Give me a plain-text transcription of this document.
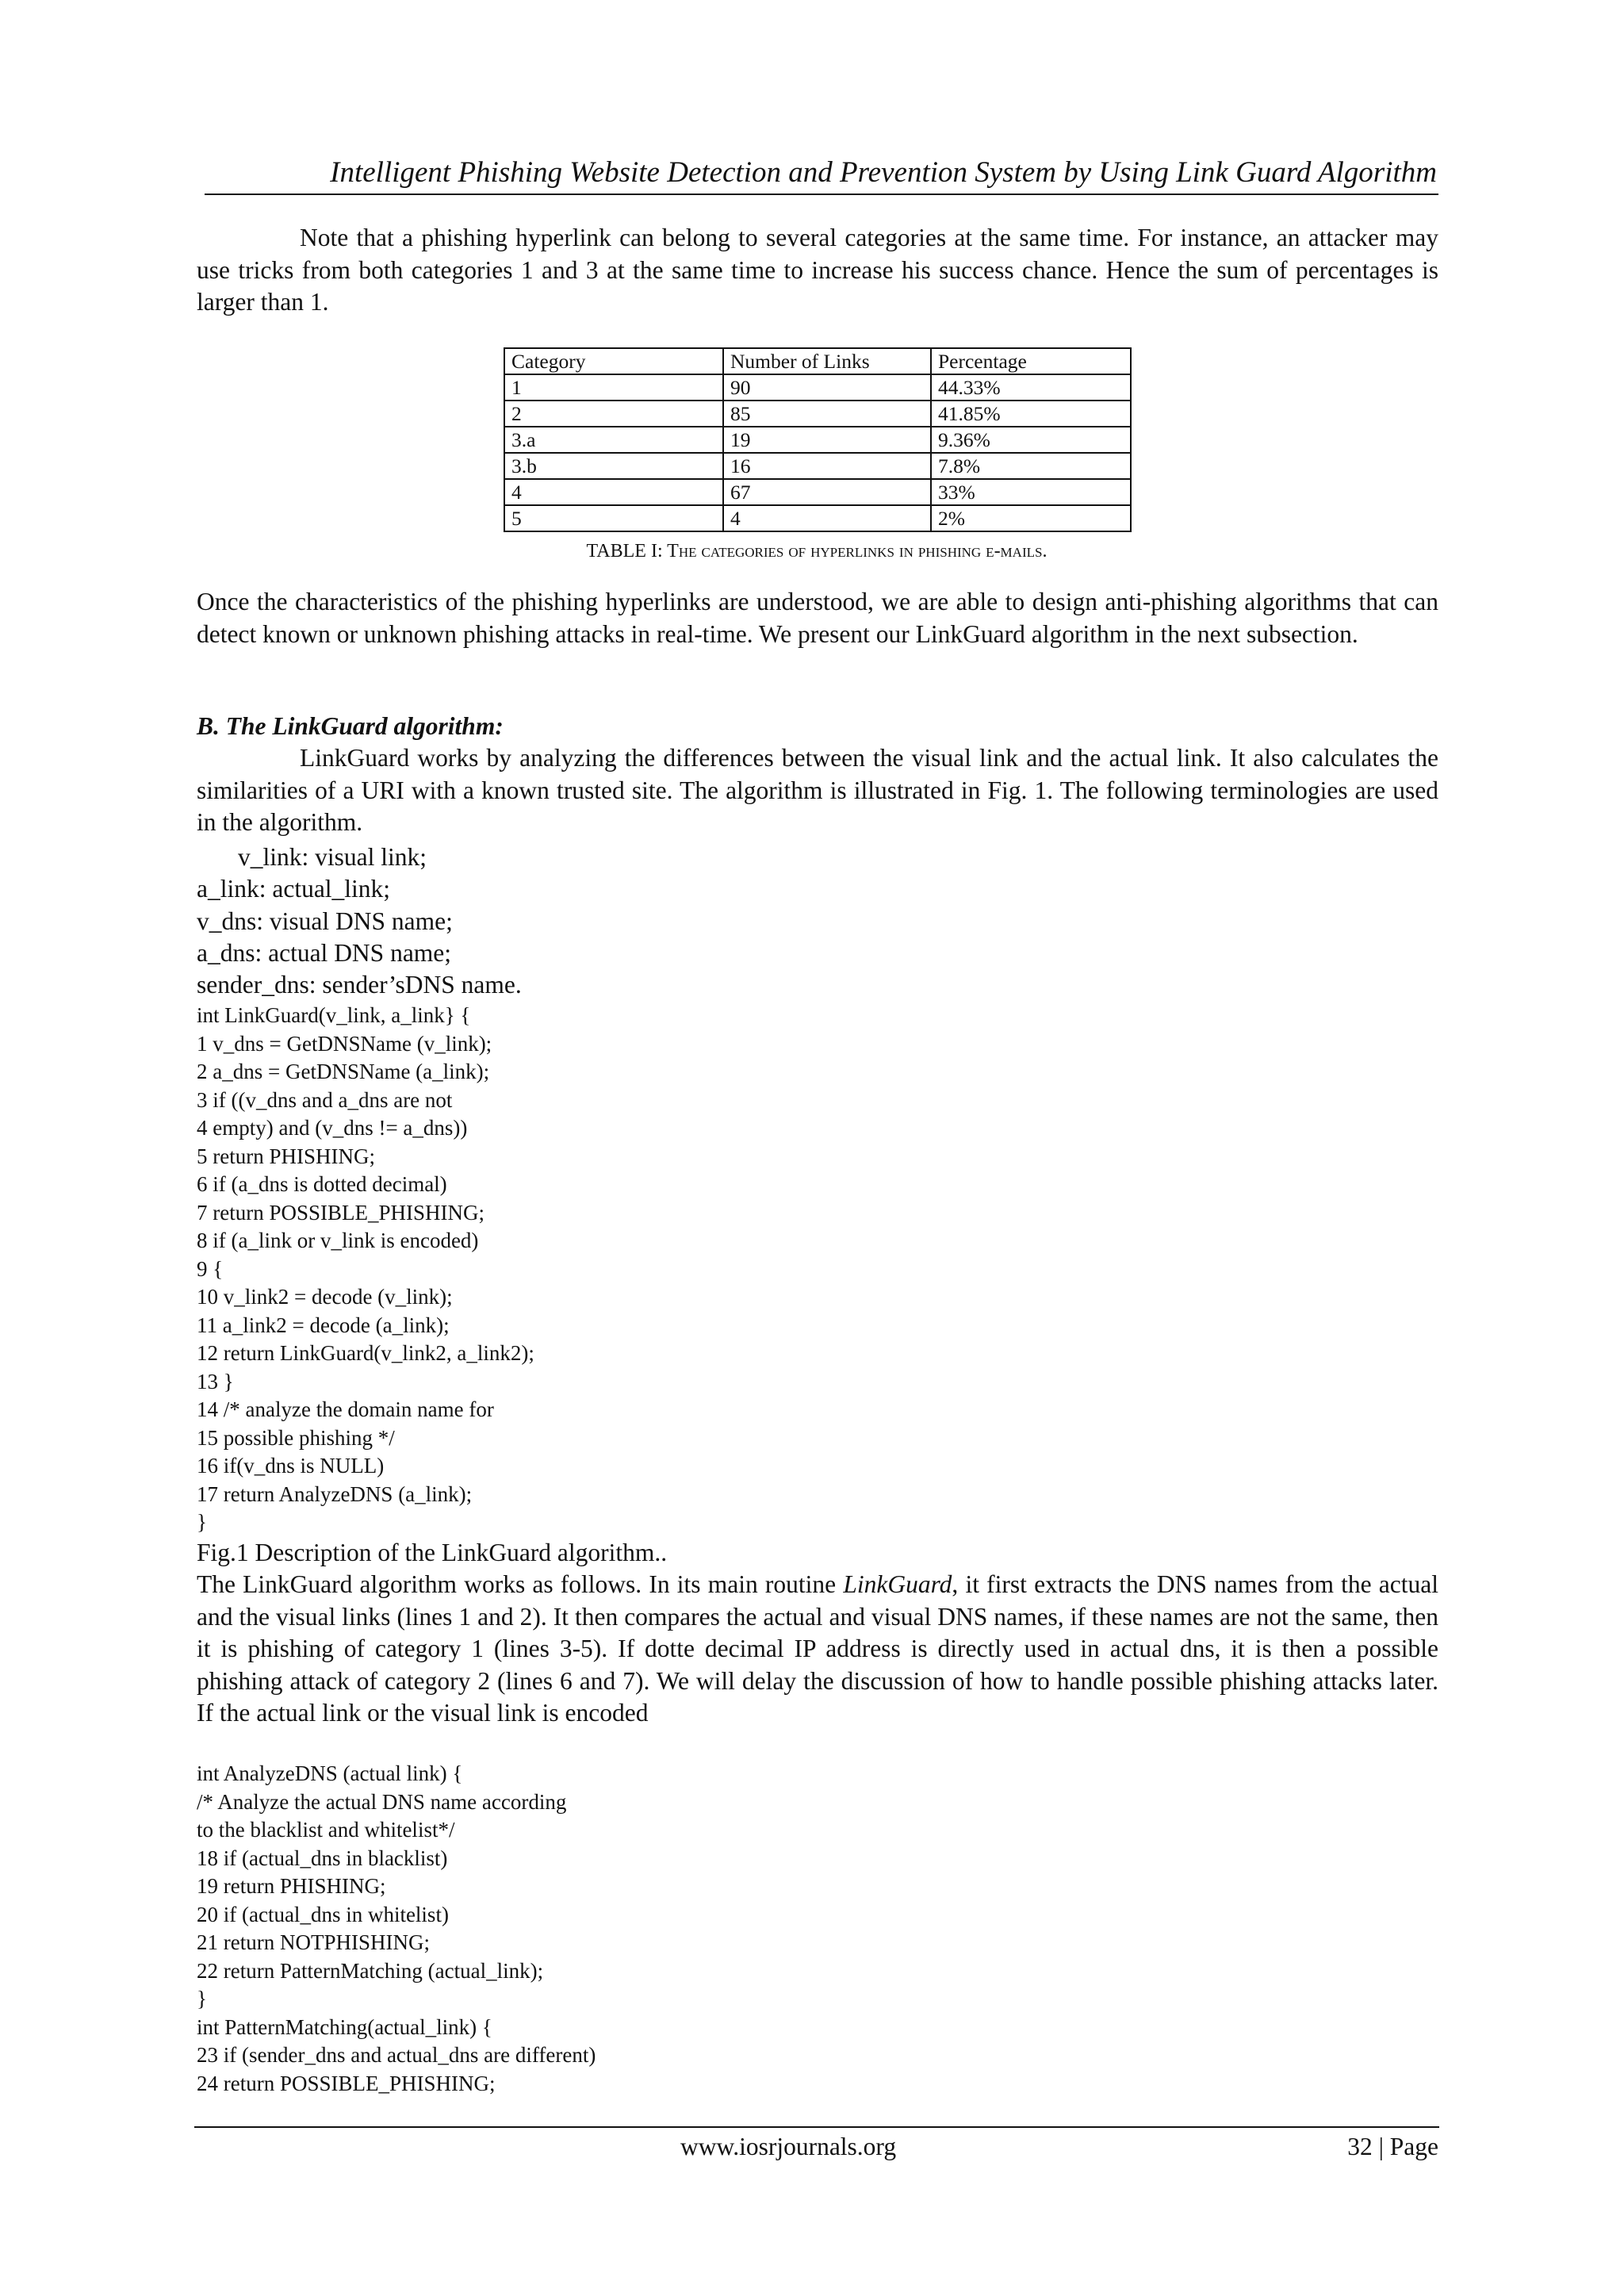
Intelligent Phishing Website Detection and Prevention System by Using Link Guard Algorithm
Note that a phishing hyperlink can belong to several categories at the same time. For instance, an attacker may use tricks from both categories 1 and 3 at the same time to increase his success chance. Hence the sum of percentages is larger than 1.
Category	Number of Links	Percentage
1	90	44.33%
2	85	41.85%
3.a	19	9.36%
3.b	16	7.8%
4	67	33%
5	4	2%
TABLE I: The categories of hyperlinks in phishing e-mails.
Once the characteristics of the phishing hyperlinks are understood, we are able to design anti-phishing algorithms that can detect known or unknown phishing attacks in real-time. We present our LinkGuard algorithm in the next subsection.
B. The LinkGuard algorithm:
LinkGuard works by analyzing the differences between the visual link and the actual link. It also calculates the similarities of a URI with a known trusted site. The algorithm is illustrated in Fig. 1. The following terminologies are used in the algorithm.
v_link: visual link;
a_link: actual_link;
v_dns: visual DNS name;
a_dns: actual DNS name;
sender_dns: sender’sDNS name.
int LinkGuard(v_link, a_link} {
1 v_dns = GetDNSName (v_link);
2 a_dns = GetDNSName (a_link);
3 if ((v_dns and a_dns are not
4 empty) and (v_dns != a_dns))
5 return PHISHING;
6 if (a_dns is dotted decimal)
7 return POSSIBLE_PHISHING;
8 if (a_link or v_link is encoded)
9 {
10 v_link2 = decode (v_link);
11 a_link2 = decode (a_link);
12 return LinkGuard(v_link2, a_link2);
13 }
14 /* analyze the domain name for
15 possible phishing */
16 if(v_dns is NULL)
17 return AnalyzeDNS (a_link);
}
Fig.1 Description of the LinkGuard algorithm..
The LinkGuard algorithm works as follows. In its main routine LinkGuard, it first extracts the DNS names from the actual and the visual links (lines 1 and 2). It then compares the actual and visual DNS names, if these names are not the same, then it is phishing of category 1 (lines 3-5). If dotte decimal IP address is directly used in actual dns, it is then a possible phishing attack of category 2 (lines 6 and 7). We will delay the discussion of how to handle possible phishing attacks later. If the actual link or the visual link is encoded
int AnalyzeDNS (actual link) {
/* Analyze the actual DNS name according
to the blacklist and whitelist*/
18 if (actual_dns in blacklist)
19 return PHISHING;
20 if (actual_dns in whitelist)
21 return NOTPHISHING;
22 return PatternMatching (actual_link);
}
int PatternMatching(actual_link) {
23 if (sender_dns and actual_dns are different)
24 return POSSIBLE_PHISHING;
www.iosrjournals.org	32 | Page
